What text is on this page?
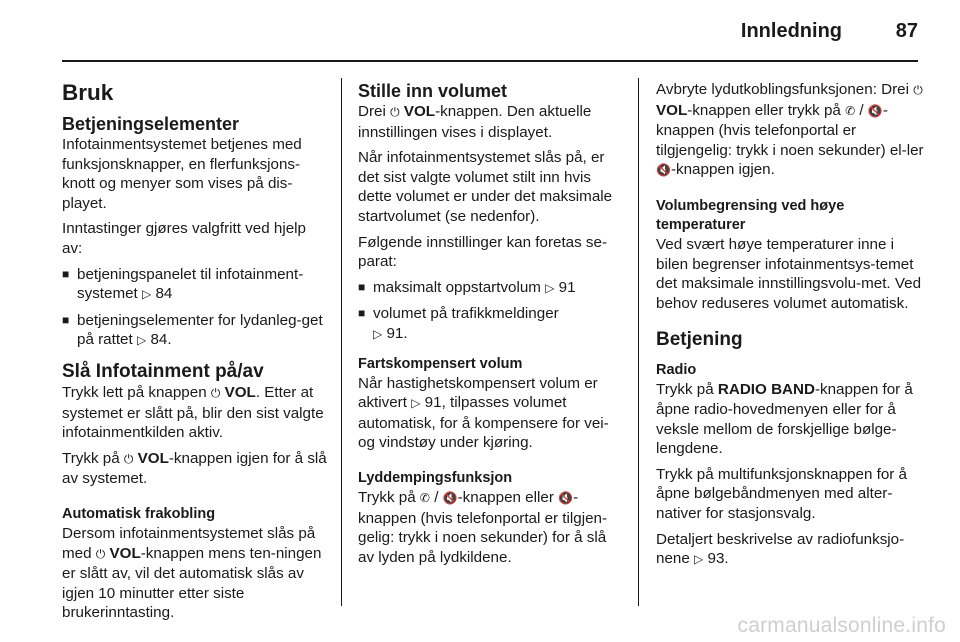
Innledning	87
Bruk
Betjeningselementer

Infotainmentsystemet betjenes med funksjonsknapper, en flerfunksjons-knott og menyer som vises på dis-playet.

Inntastinger gjøres valgfritt ved hjelp av:

■ betjeningspanelet til infotainment-systemet ▷ 84
■ betjeningselementer for lydanleg-get på rattet ▷ 84.
Slå Infotainment på/av

Trykk lett på knappen ⏻ VOL. Etter at systemet er slått på, blir den sist valgte infotainmentkilden aktiv.

Trykk på ⏻ VOL-knappen igjen for å slå av systemet.

Automatisk frakobling

Dersom infotainmentsystemet slås på med ⏻ VOL-knappen mens ten-ningen er slått av, vil det automatisk slås av igjen 10 minutter etter siste brukerinntasting.

Stille inn volumet

Drei ⏻ VOL-knappen. Den aktuelle innstillingen vises i displayet.

Når infotainmentsystemet slås på, er det sist valgte volumet stilt inn hvis dette volumet er under det maksimale startvolumet (se nedenfor).

Følgende innstillinger kan foretas se-parat:

■ maksimalt oppstartvolum ▷ 91
■ volumet på trafikkmeldinger
▷ 91.
Fartskompensert volum

Når hastighetskompensert volum er aktivert ▷ 91, tilpasses volumet automatisk, for å kompensere for vei- og vindstøy under kjøring.

Lyddempingsfunksjon

Trykk på ✆ / 🔇-knappen eller 🔇-knappen (hvis telefonportal er tilgjen-gelig: trykk i noen sekunder) for å slå av lyden på lydkildene.

Avbryte lydutkoblingsfunksjonen: Drei ⏻ VOL-knappen eller trykk på ✆ / 🔇-knappen (hvis telefonportal er tilgjengelig: trykk i noen sekunder) el-ler 🔇-knappen igjen.

Volumbegrensing ved høye temperaturer

Ved svært høye temperaturer inne i bilen begrenser infotainmentsys-temet det maksimale innstillingsvolu-met. Ved behov reduseres volumet automatisk.

Betjening
Radio

Trykk på RADIO BAND-knappen for å åpne radio-hovedmenyen eller for å veksle mellom de forskjellige bølge-lengdene.

Trykk på multifunksjonsknappen for å åpne bølgebåndmenyen med alter-nativer for stasjonsvalg.

Detaljert beskrivelse av radiofunksjo-nene ▷ 93.

carmanualsonline.info
